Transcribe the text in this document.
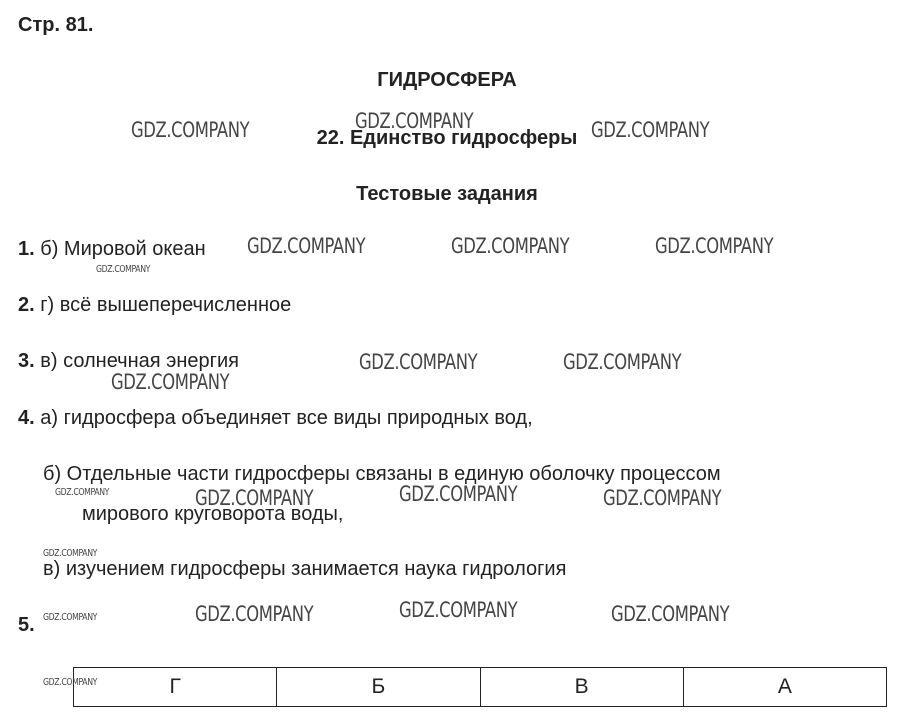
Стр. 81.
ГИДРОСФЕРА
22. Единство гидросферы
Тестовые задания
1. б) Мировой океан
2. г) всё вышеперечисленное
3. в) солнечная энергия
4. а) гидросфера объединяет все виды природных вод,
б) Отдельные части гидросферы связаны в единую оболочку процессом
мирового круговорота воды,
в) изучением гидросферы занимается наука гидрология
5.
Г	Б	В	А
GDZ.COMPANY	GDZ.COMPANY	GDZ.COMPANY
GDZ.COMPANY	GDZ.COMPANY	GDZ.COMPANY
GDZ.COMPANY
GDZ.COMPANY	GDZ.COMPANY
GDZ.COMPANY
GDZ.COMPANY	GDZ.COMPANY	GDZ.COMPANY	GDZ.COMPANY
GDZ.COMPANY
GDZ.COMPANY	GDZ.COMPANY	GDZ.COMPANY	GDZ.COMPANY
GDZ.COMPANY
